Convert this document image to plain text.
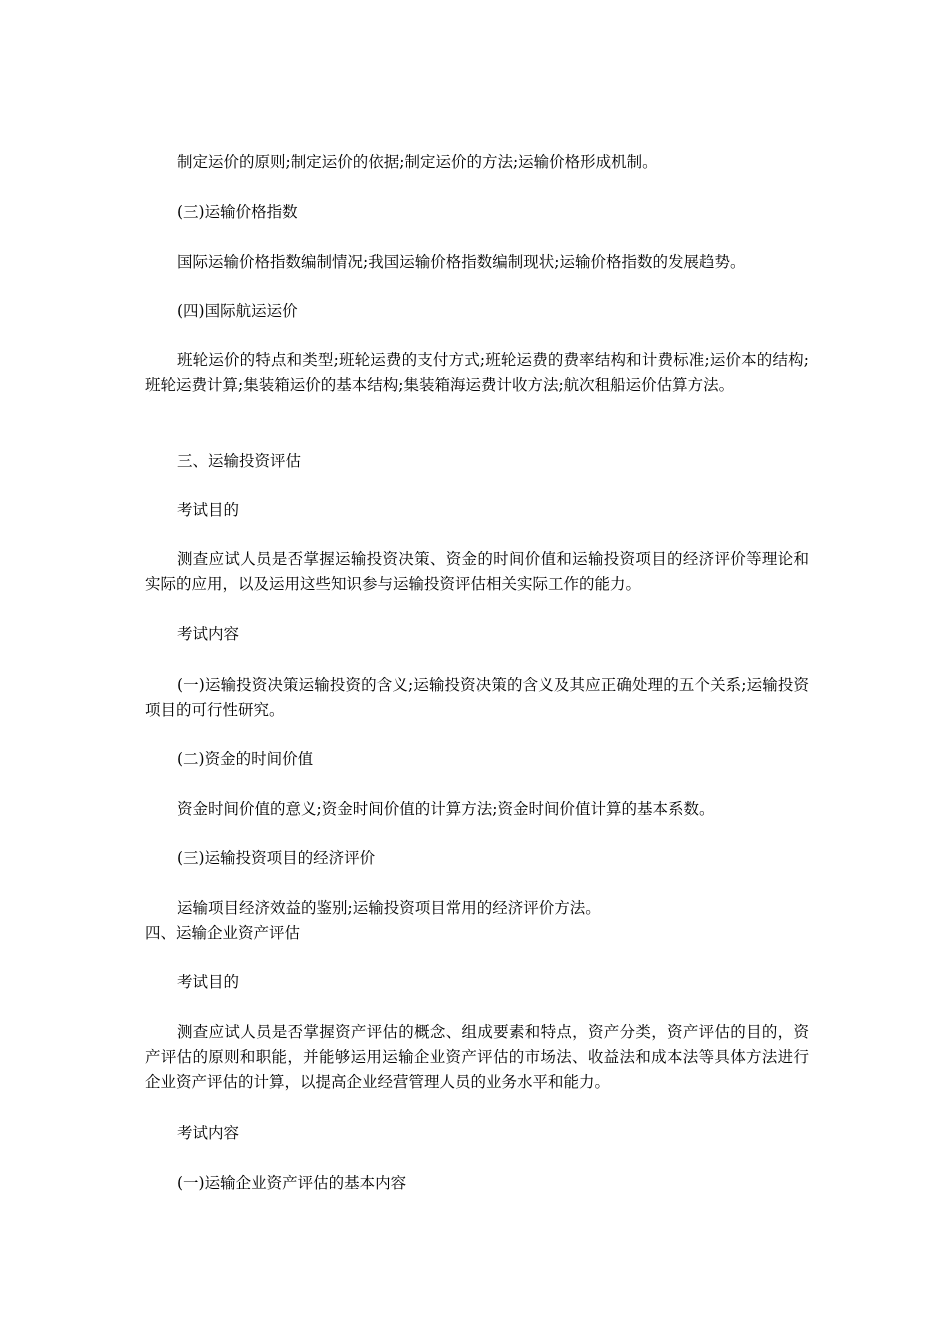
制定运价的原则;制定运价的依据;制定运价的方法;运输价格形成机制。

(三)运输价格指数

国际运输价格指数编制情况;我国运输价格指数编制现状;运输价格指数的发展趋势。

(四)国际航运运价

班轮运价的特点和类型;班轮运费的支付方式;班轮运费的费率结构和计费标准;运价本的结构;班轮运费计算;集装箱运价的基本结构;集装箱海运费计收方法;航次租船运价估算方法。

三、运输投资评估

考试目的

测查应试人员是否掌握运输投资决策、资金的时间价值和运输投资项目的经济评价等理论和实际的应用，以及运用这些知识参与运输投资评估相关实际工作的能力。

考试内容

(一)运输投资决策运输投资的含义;运输投资决策的含义及其应正确处理的五个关系;运输投资项目的可行性研究。

(二)资金的时间价值

资金时间价值的意义;资金时间价值的计算方法;资金时间价值计算的基本系数。

(三)运输投资项目的经济评价

运输项目经济效益的鉴别;运输投资项目常用的经济评价方法。

四、运输企业资产评估

考试目的

测查应试人员是否掌握资产评估的概念、组成要素和特点，资产分类，资产评估的目的，资产评估的原则和职能，并能够运用运输企业资产评估的市场法、收益法和成本法等具体方法进行企业资产评估的计算，以提高企业经营管理人员的业务水平和能力。

考试内容

(一)运输企业资产评估的基本内容
